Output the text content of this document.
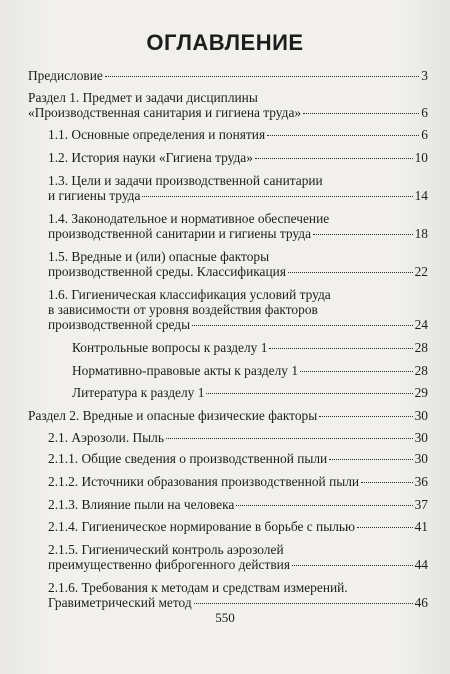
ОГЛАВЛЕНИЕ
Предисловие	3
Раздел 1. Предмет и задачи дисциплины
«Производственная санитария и гигиена труда»	6
1.1. Основные определения и понятия	6
1.2. История науки «Гигиена труда»	10
1.3. Цели и задачи производственной санитарии
и гигиены труда	14
1.4. Законодательное и нормативное обеспечение
производственной санитарии и гигиены труда	18
1.5. Вредные и (или) опасные факторы
производственной среды. Классификация	22
1.6. Гигиеническая классификация условий труда
в зависимости от уровня воздействия факторов
производственной среды	24
Контрольные вопросы к разделу 1	28
Нормативно-правовые акты к разделу 1	28
Литература к разделу 1	29
Раздел 2. Вредные и опасные физические факторы	30
2.1. Аэрозоли. Пыль	30
2.1.1. Общие сведения о производственной пыли	30
2.1.2. Источники образования производственной пыли	36
2.1.3. Влияние пыли на человека	37
2.1.4. Гигиеническое нормирование в борьбе с пылью	41
2.1.5. Гигиенический контроль аэрозолей
преимущественно фиброгенного действия	44
2.1.6. Требования к методам и средствам измерений.
Гравиметрический метод	46
550
